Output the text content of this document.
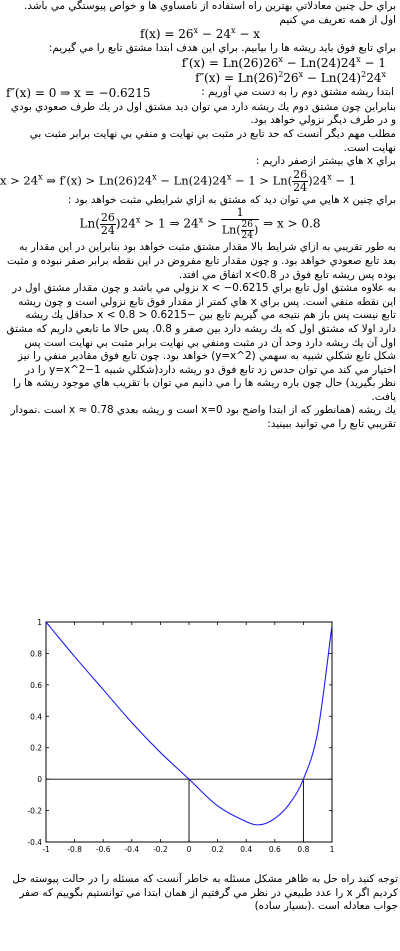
براي حل چنين معادلاتي بهترين راه استفاده از نامساوي ها و خواص پيوستگي مي باشد.

اول از همه تعريف مي كنيم

$f(x) = 26^x - 24^x - x$

براي تابع فوق بايد ريشه ها را بيابيم. براي اين هدف ابتدا مشتق تابع را مي گيريم:

$f'(x) = Ln(26)26^x - Ln(24)24^x - 1$

$f''(x) = Ln(26)^226^x - Ln(24)^224^x$

f″(x) = 0 ⇒ x = −0.6215	ابتدا ريشه مشتق دوم را به دست مي آوريم :

بنابراين چون مشتق دوم يك ريشه دارد مي توان ديد مشتق اول در يك طرف صعودي بودي و در طرف ديگر نزولي خواهد بود.

مطلب مهم ديگر آنست كه حد تابع در مثبت بي نهايت و منفي بي نهايت برابر مثبت بي نهايت است.

براي x هاي بيشتر ازصفر داريم :

$x > 24^x$ ⇒ $f'(x) > Ln(26)24^x - Ln(24)24^x - 1 > Ln( \frac{26}{24} )24^x - 1$

براي چنين x هايي مي توان ديد كه مشتق به ازاي شرايطي مثبت خواهد بود :

$Ln( \frac{26}{24} )24^x > 1$ ⇒ $24^x > \frac{1}{Ln( \frac{26}{24} )}$ ⇒ x > 0.8

به طور تقريبي به ازاي شرايط بالا مقدار مشتق مثبت خواهد بود بنابراين در اين مقدار به بعد تابع صعودي خواهد بود. و چون مقدار تابع مفروض در اين نقطه برابر صفر نبوده و مثبت بوده پس ريشه تابع فوق در x<0.8 اتفاق مي افتد.

به علاوه مشتق اول تابع براي x < −0.6215 نزولي مي باشد و چون مقدار مشتق اول در اين نقطه منفي است. پس براي x هاي كمتر از مقدار فوق تابع نزولي است و چون ريشه تابع نيست پس باز هم نتيجه مي گيريم تابع بين −0.6215 < x < 0.8 حداقل يك ريشه دارد اولا كه مشتق اول كه يك ريشه دارد بين صفر و 0.8. پس حالا ما تابعي داريم كه مشتق اول آن يك ريشه دارد وحد آن در مثبت ومنفي بي نهايت برابر مثبت بي نهايت است پس شكل تابع شكلي شبيه به سهمي (y=x^2) خواهد بود. چون تابع فوق مقادير منفي را نيز اختيار مي كند مي توان حدس زد تابع فوق دو ريشه دارد(شكلي شبيه y=x^2−1 را در نظر بگيريد) حال چون باره ريشه ها را مي دانيم مي توان با تقريب هاي موجود ريشه ها را يافت.

يك ريشه (همانطور كه از ابتدا واضح بود x=0 است و ريشه بعدي x ≈ 0.78 است .نمودار تقريبي تابع را مي توانيد ببينيد:

-1 -0.8 -0.6 -0.4 -0.2	0	0.2 0.4 0.6 0.8	1
-0.4
-0.2
0
0.2
0.4
0.6
0.8
1

توجه كنيد راه حل به ظاهر مشكل مسئله به خاطر آنست كه مسئله را در حالت پيوسته حل كرديم اگر x را عدد طبيعي در نظر مي گرفتيم از همان ابتدا مي توانستيم بگوييم كه صفر جواب معادله است .(بسيار ساده)
